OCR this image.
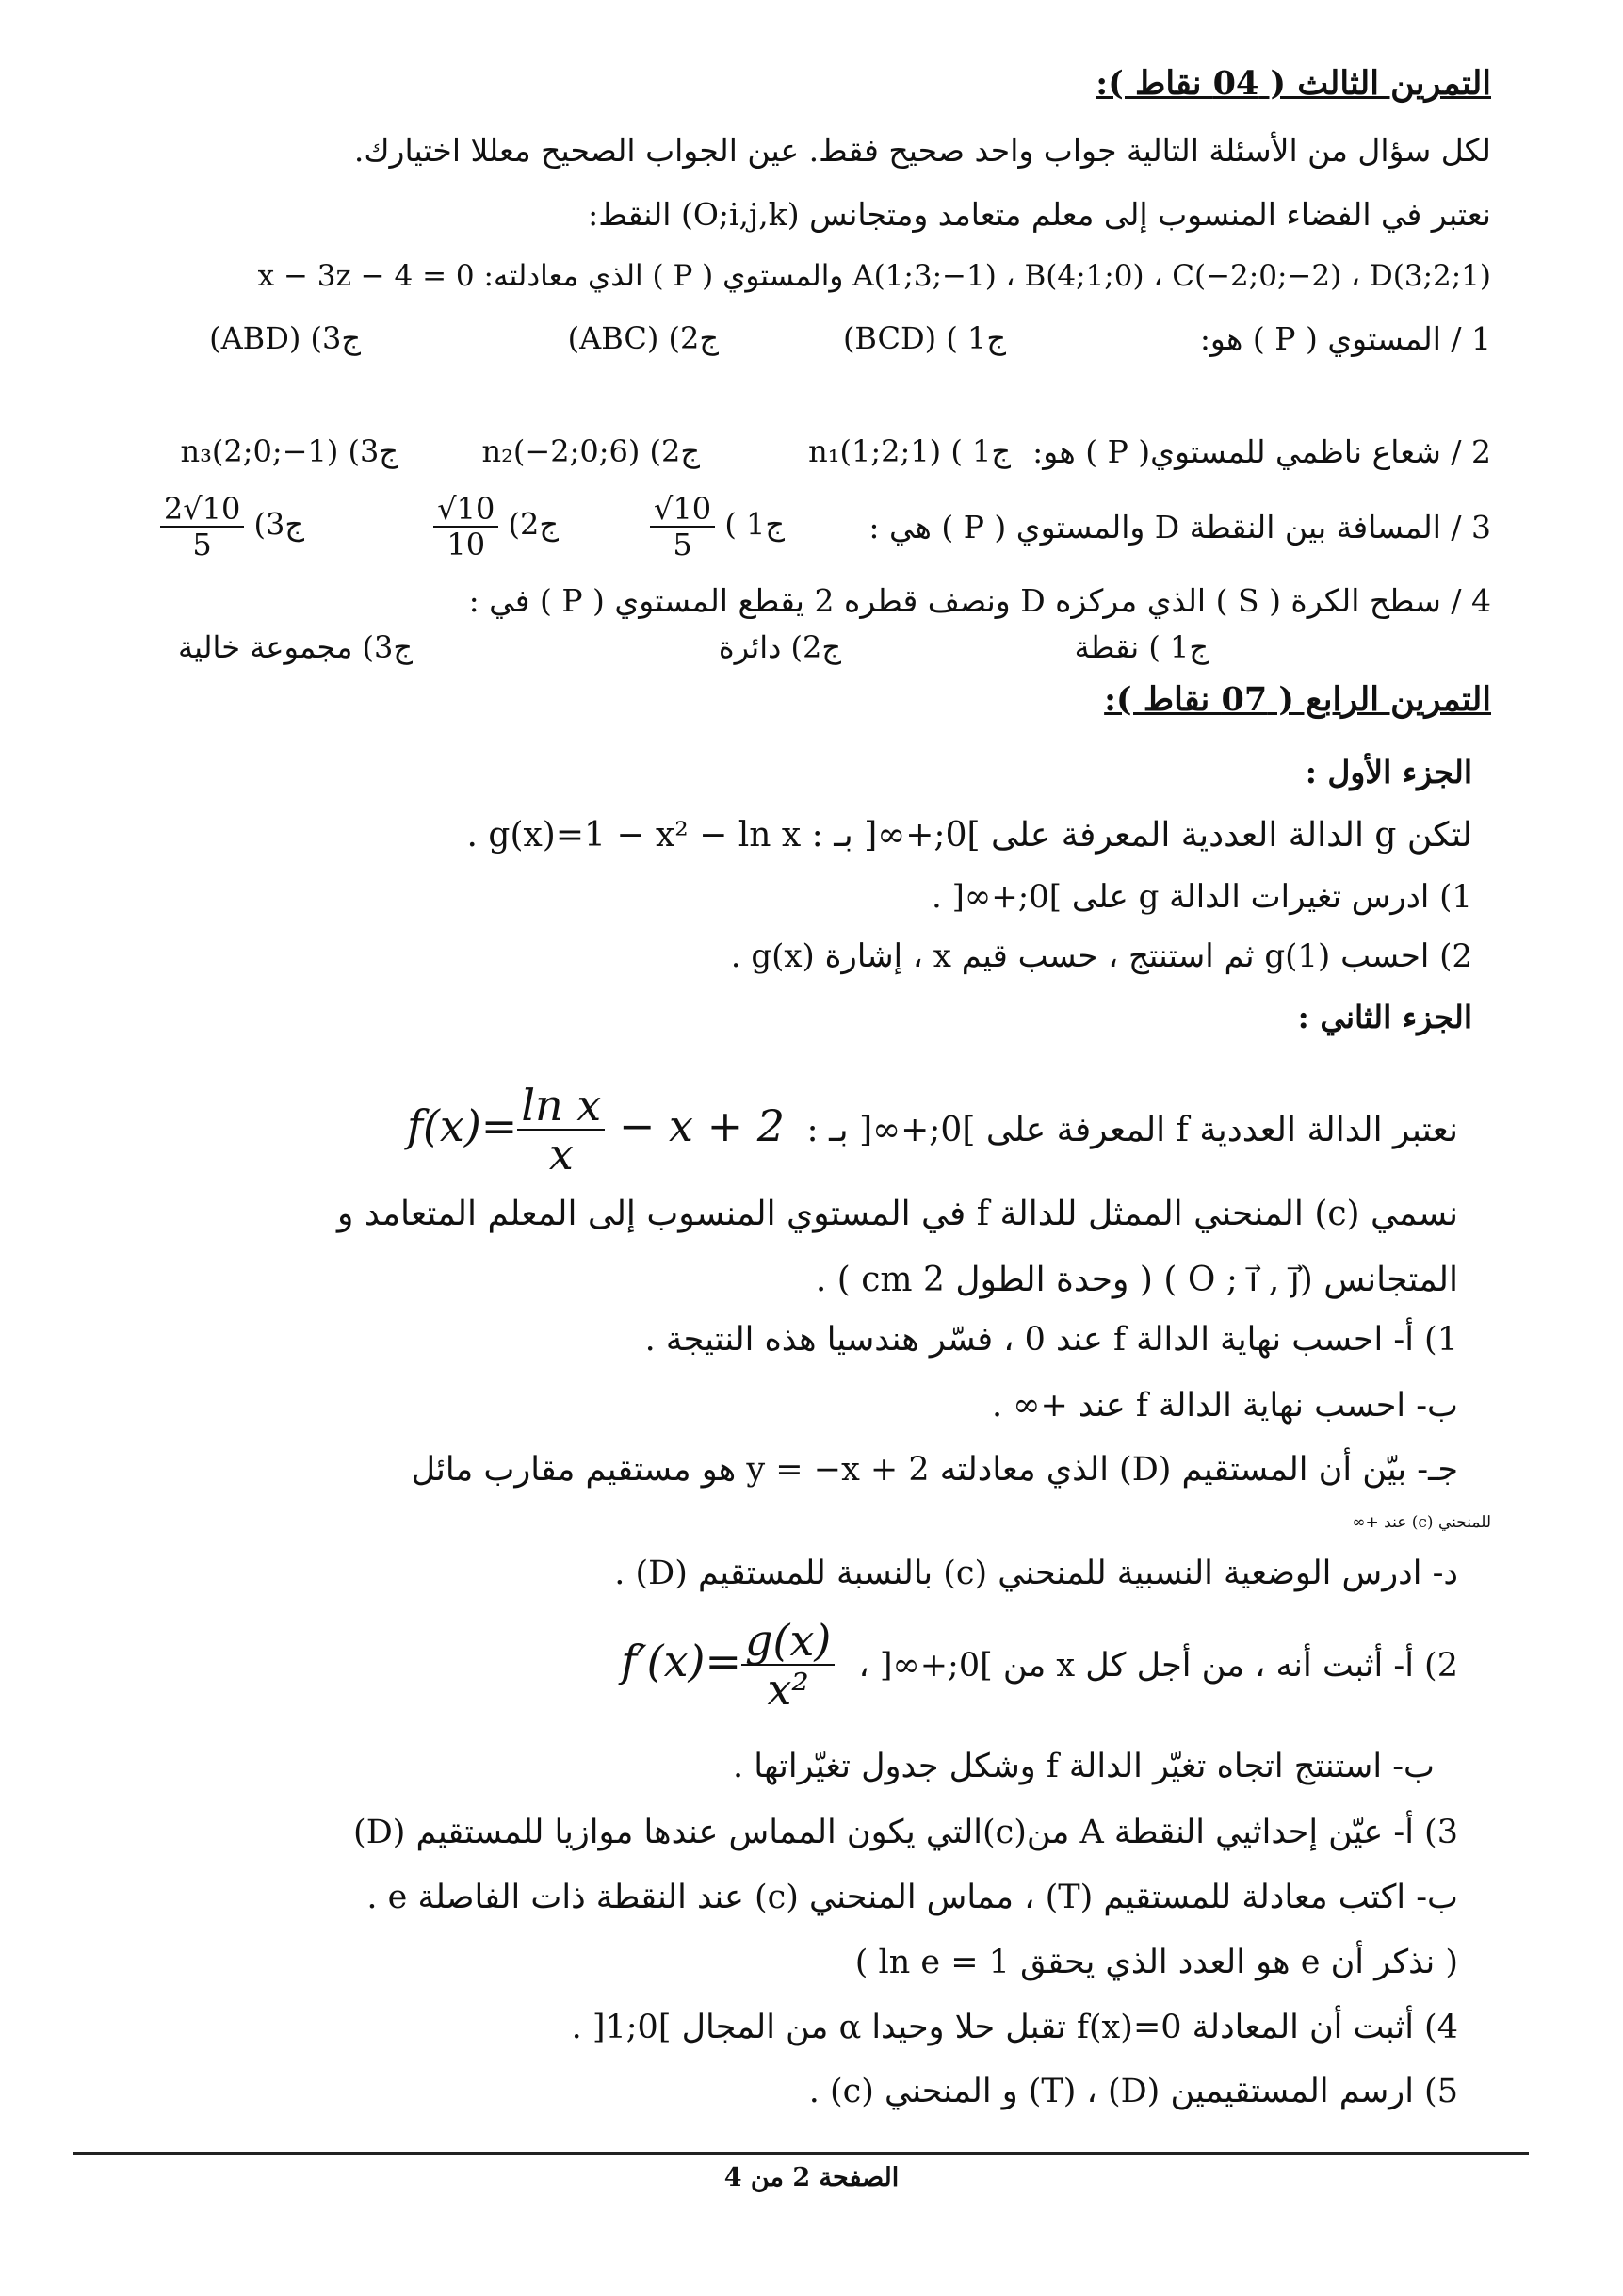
التمرين الثالث ( 04 نقاط ):
لكل سؤال من الأسئلة التالية جواب واحد صحيح فقط. عين الجواب الصحيح معللا اختيارك.
نعتبر في الفضاء المنسوب إلى معلم متعامد ومتجانس (O;i,j,k) النقط:
A(1;3;−1) ، B(4;1;0) ، C(−2;0;−2) ، D(3;2;1) والمستوي ( P ) الذي معادلته: x − 3z − 4 = 0
1 / المستوي ( P ) هو:
ج1 ) (BCD)
ج2) (ABC)
ج3) (ABD)
2 / شعاع ناظمي للمستوي( P ) هو:
ج1 ) n₁(1;2;1)
ج2) n₂(−2;0;6)
ج3) n₃(2;0;−1)
3 / المسافة بين النقطة D والمستوي ( P ) هي :
ج1 )
$\frac{√10}{5}$
ج2)
$\frac{√10}{10}$
ج3)
$\frac{2√10}{5}$
4 / سطح الكرة ( S ) الذي مركزه D ونصف قطره 2 يقطع المستوي ( P ) في :
ج1 ) نقطة
ج2) دائرة
ج3) مجموعة خالية
التمرين الرابع ( 07 نقاط ):
الجزء الأول :
لتكن g الدالة العددية المعرفة على ]0;+∞[ بـ : g(x)=1 − x² − ln x .
1) ادرس تغيرات الدالة g على ]0;+∞[ .
2) احسب g(1) ثم استنتج ، حسب قيم x ، إشارة g(x) .
الجزء الثاني :
نعتبر الدالة العددية f المعرفة على ]0;+∞[ بـ : $f(x)= \frac{\text{ln x}}{x} - x + 2$
نسمي (c) المنحني الممثل للدالة f في المستوي المنسوب إلى المعلم المتعامد و
المتجانس (O ; i⃗ , j⃗ ) ( وحدة الطول 2 cm ) .
1) أ- احسب نهاية الدالة f عند 0 ، فسّر هندسيا هذه النتيجة .
ب- احسب نهاية الدالة f عند +∞ .
جـ- بيّن أن المستقيم (D) الذي معادلته y = −x + 2 هو مستقيم مقارب مائل
للمنحني (c) عند +∞
د- ادرس الوضعية النسبية للمنحني (c) بالنسبة للمستقيم (D) .
2) أ- أثبت أنه ، من أجل كل x من ]0;+∞[ ، $f'(x)= \frac{g(x)}{\text{x²}}$
ب- استنتج اتجاه تغيّر الدالة f وشكل جدول تغيّراتها .
3) أ- عيّن إحداثيي النقطة A من(c)التي يكون المماس عندها موازيا للمستقيم (D)
ب- اكتب معادلة للمستقيم (T) ، مماس المنحني (c) عند النقطة ذات الفاصلة e .
( نذكر أن e هو العدد الذي يحقق ln e = 1 )
4) أثبت أن المعادلة f(x)=0 تقبل حلا وحيدا α من المجال ]0;1[ .
5) ارسم المستقيمين (D) ، (T) و المنحني (c) .
الصفحة 2 من 4
